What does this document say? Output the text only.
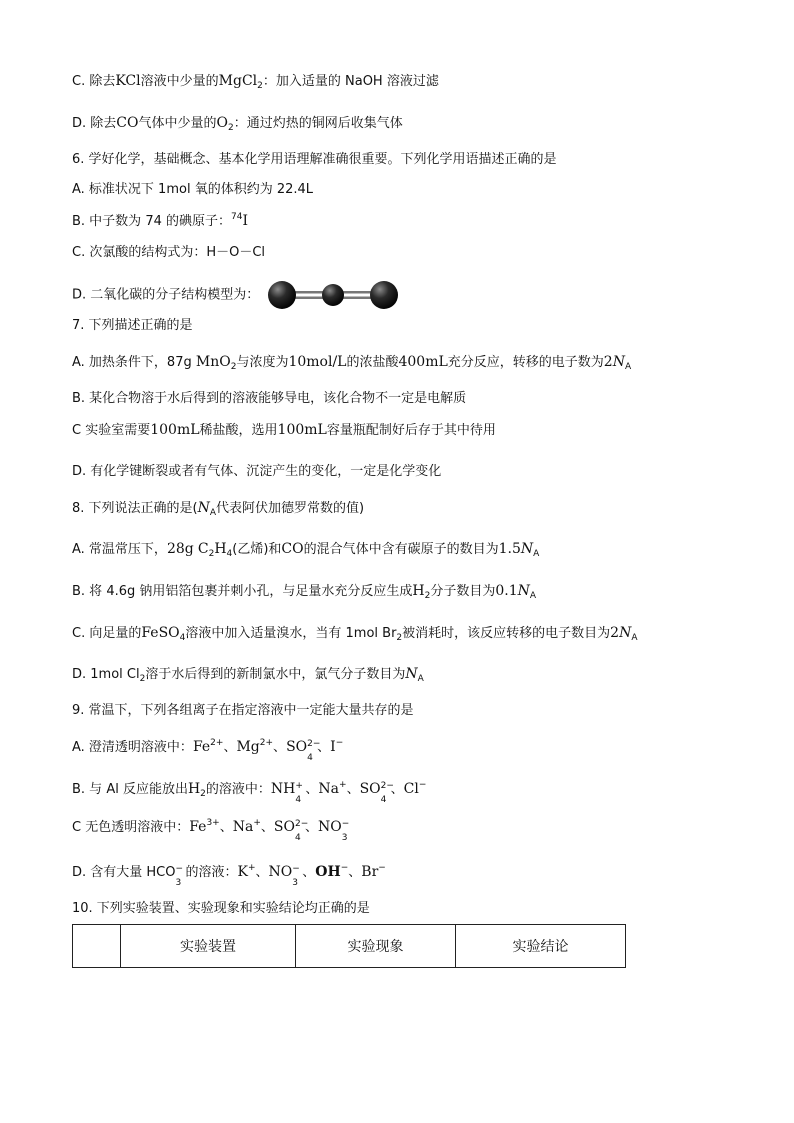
C. 除去KCl溶液中少量的MgCl$_2$：加入适量的 NaOH 溶液过滤
D. 除去CO气体中少量的$O_2$：通过灼热的铜网后收集气体
6. 学好化学，基础概念、基本化学用语理解准确很重要。下列化学用语描述正确的是
A. 标准状况下 1mol 氧的体积约为 22.4L
B. 中子数为 74 的碘原子：$^{74}$I
C. 次氯酸的结构式为：H－O－Cl
D. 二氧化碳的分子结构模型为：
7. 下列描述正确的是
A. 加热条件下，87g MnO$_2$与浓度为10mol/L的浓盐酸400mL充分反应，转移的电子数为$2N_A$
B. 某化合物溶于水后得到的溶液能够导电，该化合物不一定是电解质
C 实验室需要100mL稀盐酸，选用100mL容量瓶配制好后存于其中待用
D. 有化学键断裂或者有气体、沉淀产生的变化，一定是化学变化
8. 下列说法正确的是($N_A$代表阿伏加德罗常数的值)
A. 常温常压下，28g $C_2H_4$(乙烯)和CO的混合气体中含有碳原子的数目为$1.5N_A$
B. 将 4.6g 钠用铝箔包裹并刺小孔，与足量水充分反应生成$H_2$分子数目为$0.1N_A$
C. 向足量的FeSO$_4$溶液中加入适量溴水，当有 1mol $Br_2$被消耗时，该反应转移的电子数目为$2N_A$
D. 1mol $Cl_2$溶于水后得到的新制氯水中，氯气分子数目为$N_A$
9. 常温下，下列各组离子在指定溶液中一定能大量共存的是
A. 澄清透明溶液中：$Fe^{2+}$、$Mg^{2+}$、SO 2−
4
、I−
B. 与 Al 反应能放出$H_2$的溶液中：NH +
4
、Na+、SO 2−
4
、Cl−
C 无色透明溶液中：$Fe^{3+}$、Na+、SO 2−
4
、NO −
3
D. 含有大量 HCO −
3
的溶液：K+、NO −
3
、OH−、Br−
10. 下列实验装置、实验现象和实验结论均正确的是
	实验装置	实验现象	实验结论
